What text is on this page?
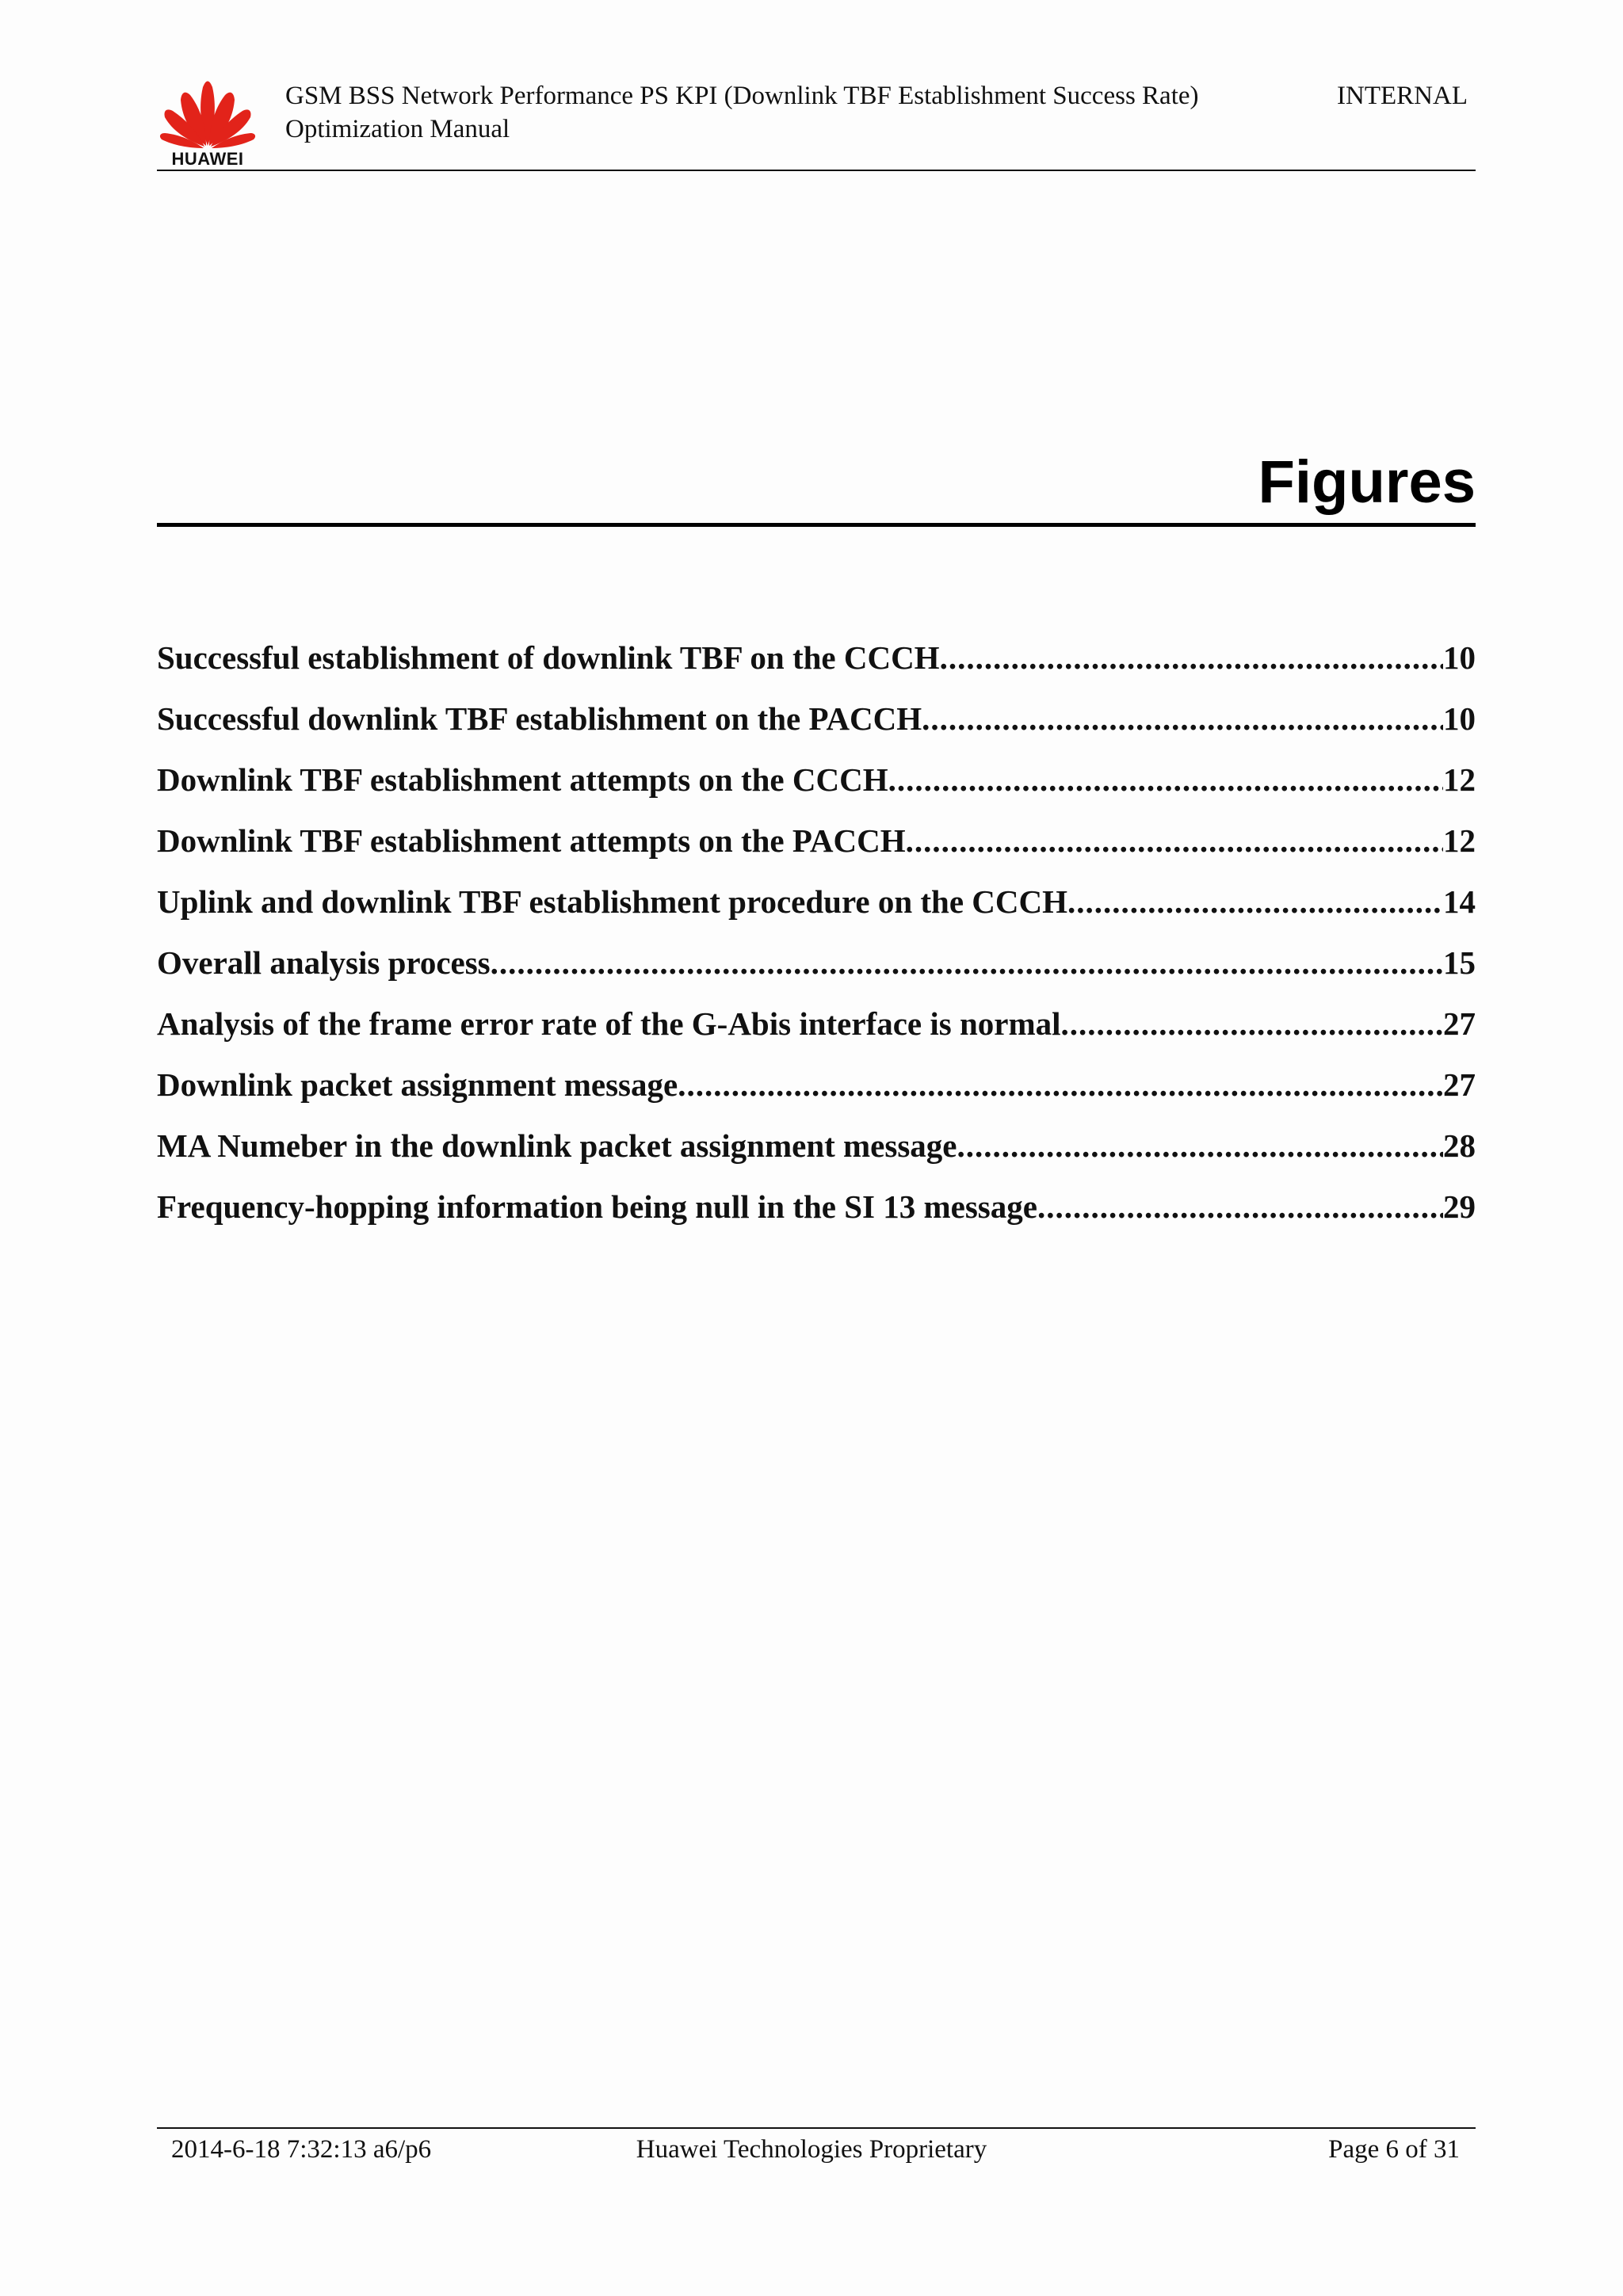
HUAWEI
GSM BSS Network Performance PS KPI (Downlink TBF Establishment Success Rate)
Optimization Manual
INTERNAL
Figures
Successful establishment of downlink TBF on the CCCH .....	10
Successful downlink TBF establishment on the PACCH .....	10
Downlink TBF establishment attempts on the CCCH .....	12
Downlink TBF establishment attempts on the PACCH .....	12
Uplink and downlink TBF establishment procedure on the CCCH .....	14
Overall analysis process .....	15
Analysis of the frame error rate of the G-Abis interface is normal .....	27
Downlink packet assignment message .....	27
MA Numeber in the downlink packet assignment message .....	28
Frequency-hopping information being null in the SI 13 message .....	29
2014-6-18 7:32:13 a6/p6	Huawei Technologies Proprietary	Page 6 of 31
